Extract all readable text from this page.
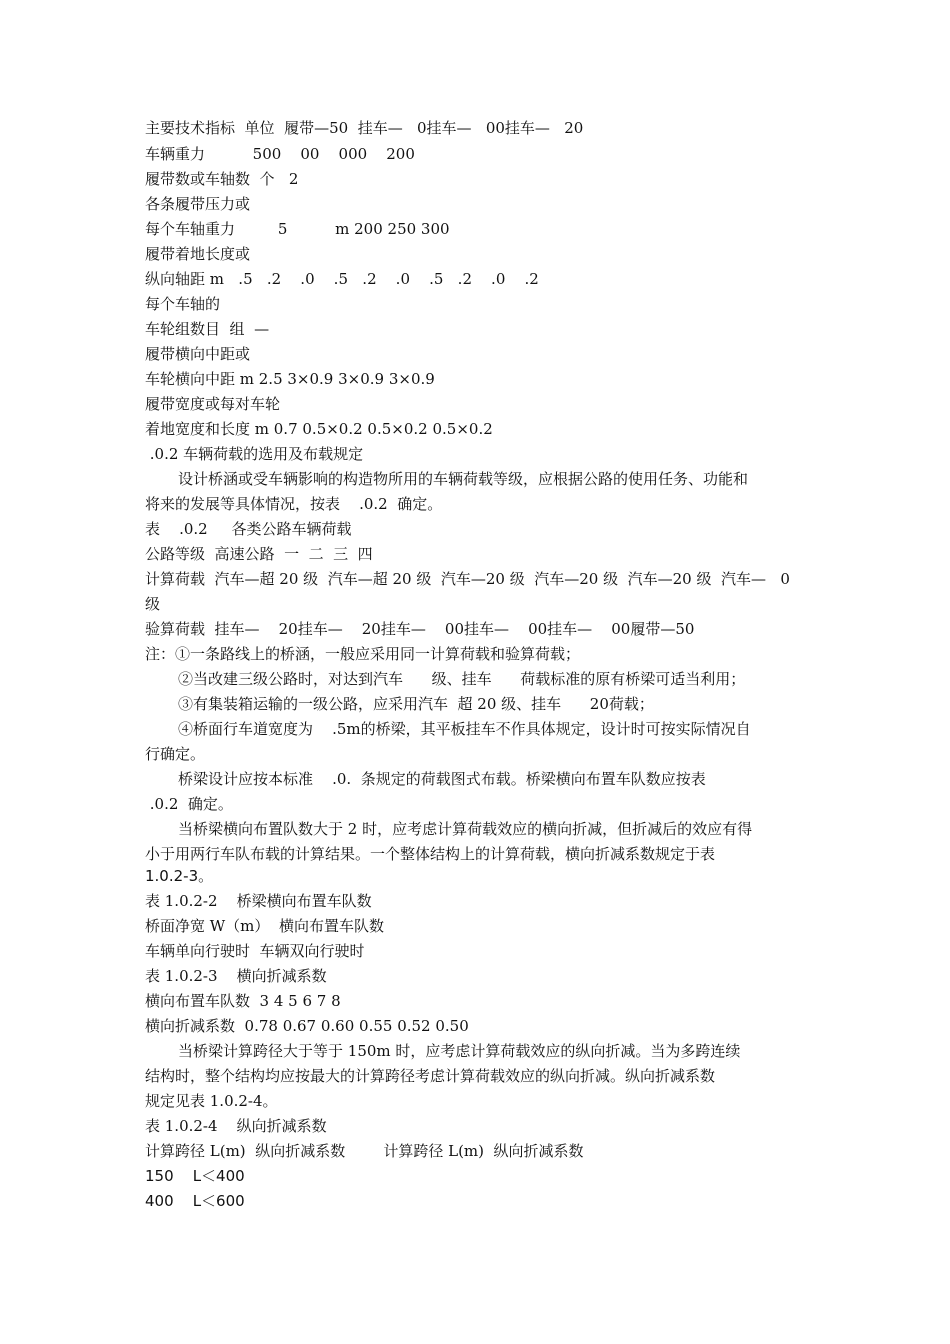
主要技术指标  单位  履带—50  挂车—   0挂车—   00挂车—   20
车辆重力          500    00    000    200
履带数或车轴数  个   2
各条履带压力或
每个车轴重力         5          m 200 250 300
履带着地长度或
纵向轴距 m   .5   .2    .0    .5   .2    .0    .5   .2    .0    .2
每个车轴的
车轮组数目  组  —
履带横向中距或
车轮横向中距 m 2.5 3×0.9 3×0.9 3×0.9
履带宽度或每对车轮
着地宽度和长度 m 0.7 0.5×0.2 0.5×0.2 0.5×0.2
.0.2 车辆荷载的选用及布载规定
设计桥涵或受车辆影响的构造物所用的车辆荷载等级，应根据公路的使用任务、功能和
将来的发展等具体情况，按表    .0.2  确定。
表    .0.2     各类公路车辆荷载
公路等级  高速公路  一  二  三  四
计算荷载  汽车—超 20 级  汽车—超 20 级  汽车—20 级  汽车—20 级  汽车—20 级  汽车—   0
级
验算荷载  挂车—    20挂车—    20挂车—    00挂车—    00挂车—    00履带—50
注：①一条路线上的桥涵，一般应采用同一计算荷载和验算荷载；
②当改建三级公路时，对达到汽车      级、挂车      荷载标准的原有桥梁可适当利用；
③有集装箱运输的一级公路，应采用汽车  超 20 级、挂车      20荷载；
④桥面行车道宽度为    .5m的桥梁，其平板挂车不作具体规定，设计时可按实际情况自
行确定。
桥梁设计应按本标准    .0.  条规定的荷载图式布载。桥梁横向布置车队数应按表
.0.2  确定。
当桥梁横向布置队数大于 2 时，应考虑计算荷载效应的横向折减，但折减后的效应有得
小于用两行车队布载的计算结果。一个整体结构上的计算荷载，横向折减系数规定于表
1.0.2-3。
表 1.0.2-2    桥梁横向布置车队数
桥面净宽 W（m）  横向布置车队数
车辆单向行驶时  车辆双向行驶时
表 1.0.2-3    横向折减系数
横向布置车队数  3 4 5 6 7 8
横向折减系数  0.78 0.67 0.60 0.55 0.52 0.50
当桥梁计算跨径大于等于 150m 时，应考虑计算荷载效应的纵向折减。当为多跨连续
结构时，整个结构均应按最大的计算跨径考虑计算荷载效应的纵向折减。纵向折减系数
规定见表 1.0.2-4。
表 1.0.2-4    纵向折减系数
计算跨径 L(m)  纵向折减系数        计算跨径 L(m)  纵向折减系数
150    L＜400
400    L＜600
